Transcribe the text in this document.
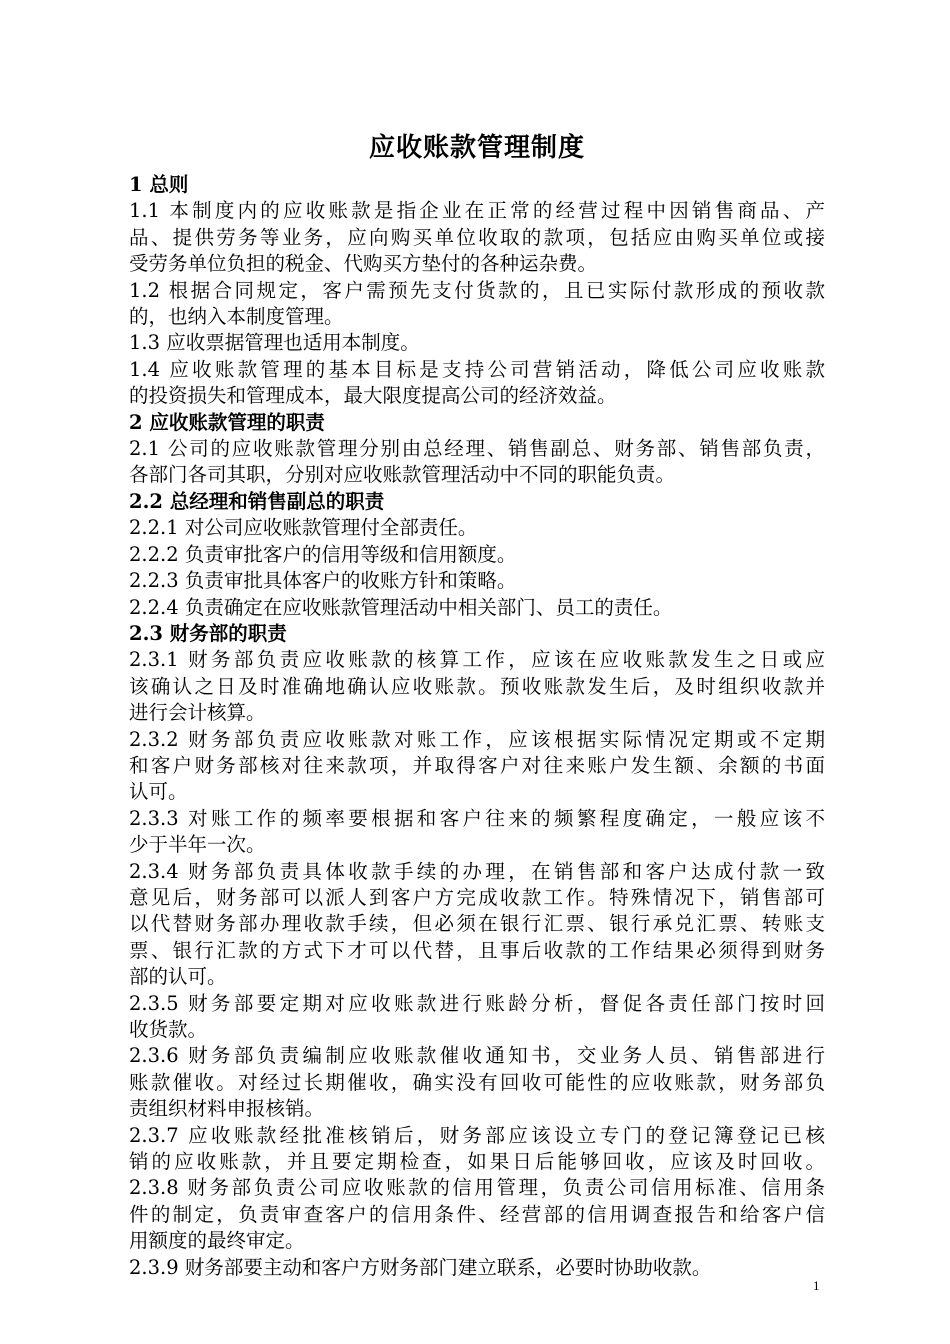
应收账款管理制度
1 总则
1.1 本制度内的应收账款是指企业在正常的经营过程中因销售商品、产
品、提供劳务等业务，应向购买单位收取的款项，包括应由购买单位或接
受劳务单位负担的税金、代购买方垫付的各种运杂费。
1.2 根据合同规定，客户需预先支付货款的，且已实际付款形成的预收款
的，也纳入本制度管理。
1.3 应收票据管理也适用本制度。
1.4 应收账款管理的基本目标是支持公司营销活动，降低公司应收账款
的投资损失和管理成本，最大限度提高公司的经济效益。
2 应收账款管理的职责
2.1 公司的应收账款管理分别由总经理、销售副总、财务部、销售部负责，
各部门各司其职，分别对应收账款管理活动中不同的职能负责。
2.2 总经理和销售副总的职责
2.2.1 对公司应收账款管理付全部责任。
2.2.2 负责审批客户的信用等级和信用额度。
2.2.3 负责审批具体客户的收账方针和策略。
2.2.4 负责确定在应收账款管理活动中相关部门、员工的责任。
2.3 财务部的职责
2.3.1 财务部负责应收账款的核算工作，应该在应收账款发生之日或应
该确认之日及时准确地确认应收账款。预收账款发生后，及时组织收款并
进行会计核算。
2.3.2 财务部负责应收账款对账工作，应该根据实际情况定期或不定期
和客户财务部核对往来款项，并取得客户对往来账户发生额、余额的书面
认可。
2.3.3 对账工作的频率要根据和客户往来的频繁程度确定，一般应该不
少于半年一次。
2.3.4 财务部负责具体收款手续的办理，在销售部和客户达成付款一致
意见后，财务部可以派人到客户方完成收款工作。特殊情况下，销售部可
以代替财务部办理收款手续，但必须在银行汇票、银行承兑汇票、转账支
票、银行汇款的方式下才可以代替，且事后收款的工作结果必须得到财务
部的认可。
2.3.5 财务部要定期对应收账款进行账龄分析，督促各责任部门按时回
收货款。
2.3.6 财务部负责编制应收账款催收通知书，交业务人员、销售部进行
账款催收。对经过长期催收，确实没有回收可能性的应收账款，财务部负
责组织材料申报核销。
2.3.7 应收账款经批准核销后，财务部应该设立专门的登记簿登记已核
销的应收账款，并且要定期检查，如果日后能够回收，应该及时回收。
2.3.8 财务部负责公司应收账款的信用管理，负责公司信用标准、信用条
件的制定，负责审查客户的信用条件、经营部的信用调查报告和给客户信
用额度的最终审定。
2.3.9 财务部要主动和客户方财务部门建立联系，必要时协助收款。
1
